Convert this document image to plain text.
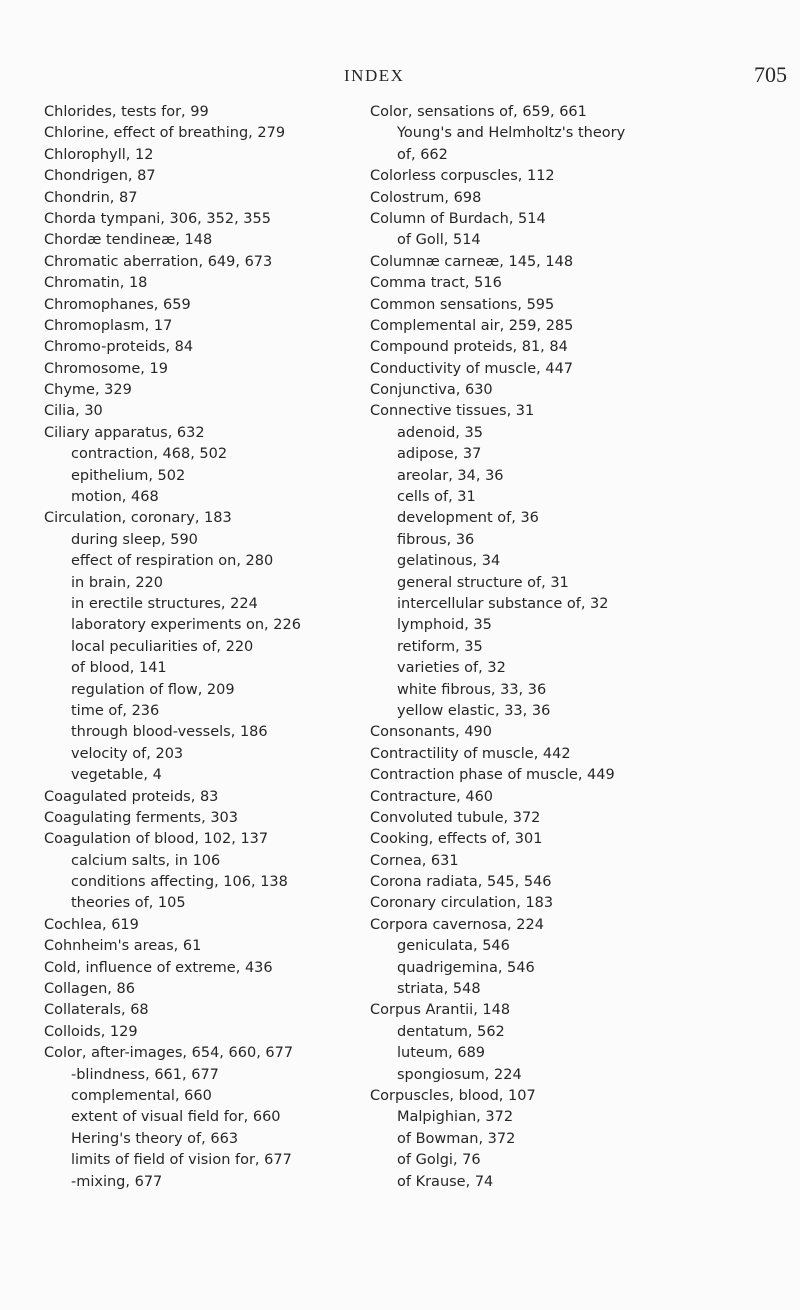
INDEX	705
Chlorides, tests for, 99
Chlorine, effect of breathing, 279
Chlorophyll, 12
Chondrigen, 87
Chondrin, 87
Chorda tympani, 306, 352, 355
Chordæ tendineæ, 148
Chromatic aberration, 649, 673
Chromatin, 18
Chromophanes, 659
Chromoplasm, 17
Chromo-proteids, 84
Chromosome, 19
Chyme, 329
Cilia, 30
Ciliary apparatus, 632
contraction, 468, 502
epithelium, 502
motion, 468
Circulation, coronary, 183
during sleep, 590
effect of respiration on, 280
in brain, 220
in erectile structures, 224
laboratory experiments on, 226
local peculiarities of, 220
of blood, 141
regulation of flow, 209
time of, 236
through blood-vessels, 186
velocity of, 203
vegetable, 4
Coagulated proteids, 83
Coagulating ferments, 303
Coagulation of blood, 102, 137
calcium salts, in 106
conditions affecting, 106, 138
theories of, 105
Cochlea, 619
Cohnheim's areas, 61
Cold, influence of extreme, 436
Collagen, 86
Collaterals, 68
Colloids, 129
Color, after-images, 654, 660, 677
-blindness, 661, 677
complemental, 660
extent of visual field for, 660
Hering's theory of, 663
limits of field of vision for, 677
-mixing, 677
Color, sensations of, 659, 661
Young's and Helmholtz's theory
of, 662
Colorless corpuscles, 112
Colostrum, 698
Column of Burdach, 514
of Goll, 514
Columnæ carneæ, 145, 148
Comma tract, 516
Common sensations, 595
Complemental air, 259, 285
Compound proteids, 81, 84
Conductivity of muscle, 447
Conjunctiva, 630
Connective tissues, 31
adenoid, 35
adipose, 37
areolar, 34, 36
cells of, 31
development of, 36
fibrous, 36
gelatinous, 34
general structure of, 31
intercellular substance of, 32
lymphoid, 35
retiform, 35
varieties of, 32
white fibrous, 33, 36
yellow elastic, 33, 36
Consonants, 490
Contractility of muscle, 442
Contraction phase of muscle, 449
Contracture, 460
Convoluted tubule, 372
Cooking, effects of, 301
Cornea, 631
Corona radiata, 545, 546
Coronary circulation, 183
Corpora cavernosa, 224
geniculata, 546
quadrigemina, 546
striata, 548
Corpus Arantii, 148
dentatum, 562
luteum, 689
spongiosum, 224
Corpuscles, blood, 107
Malpighian, 372
of Bowman, 372
of Golgi, 76
of Krause, 74
